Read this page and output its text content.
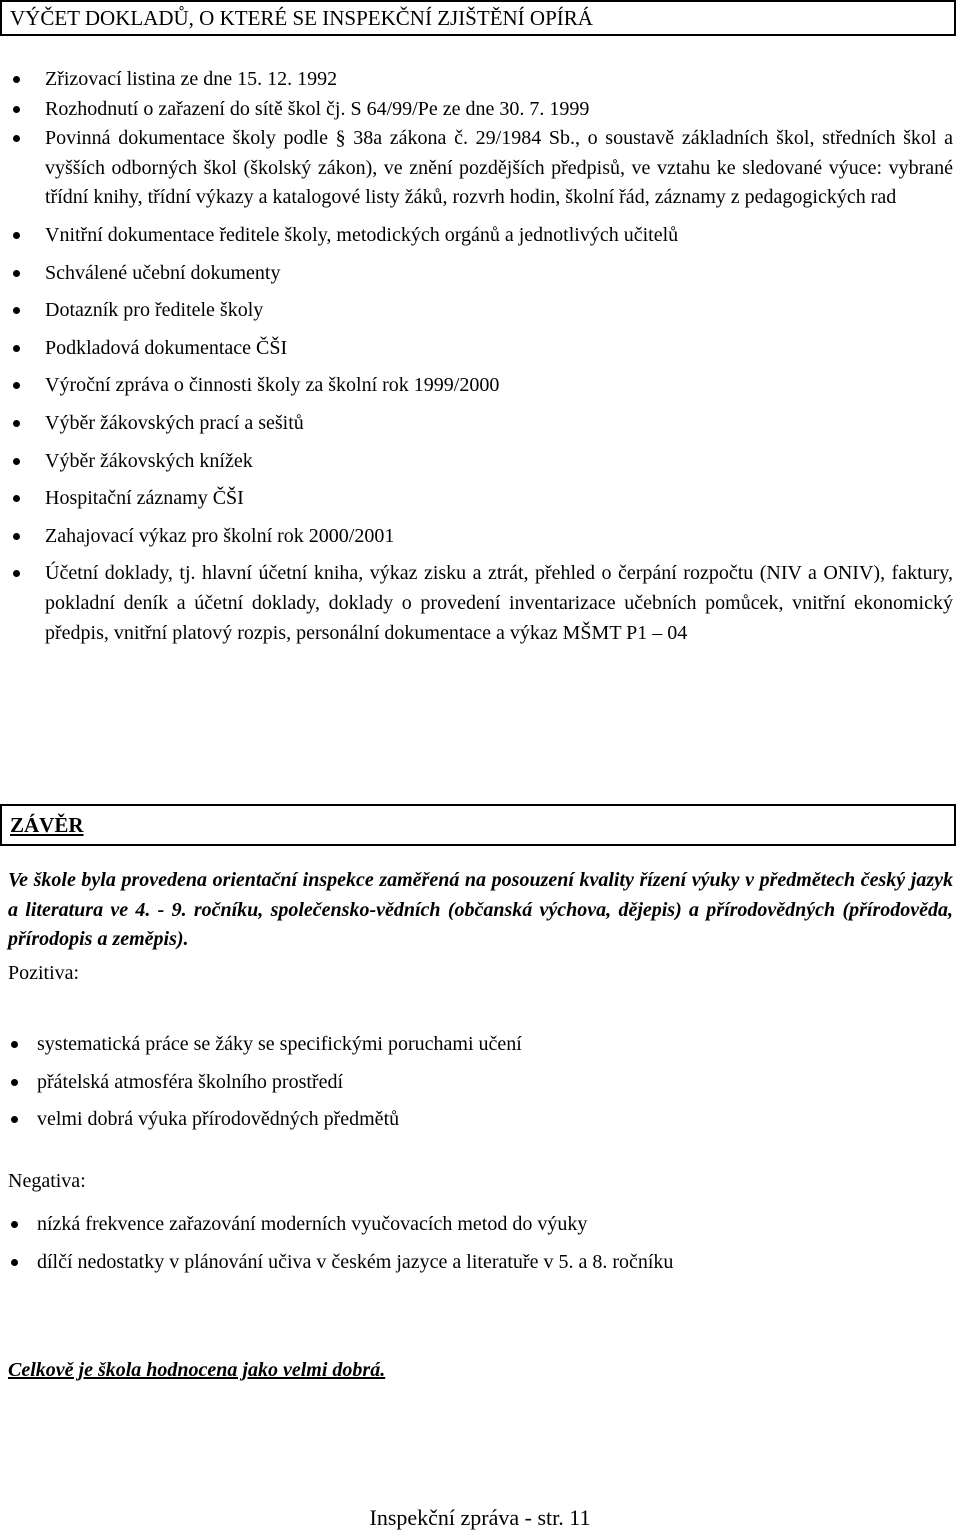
VÝČET DOKLADŮ, O KTERÉ SE INSPEKČNÍ ZJIŠTĚNÍ OPÍRÁ
Zřizovací listina ze dne 15. 12. 1992
Rozhodnutí o zařazení do sítě škol čj. S 64/99/Pe ze dne 30. 7. 1999
Povinná dokumentace školy podle § 38a zákona č. 29/1984 Sb., o soustavě základních škol, středních škol a vyšších odborných škol (školský zákon), ve znění pozdějších předpisů, ve vztahu ke sledované výuce: vybrané třídní knihy, třídní výkazy a katalogové listy žáků, rozvrh hodin, školní řád, záznamy z pedagogických rad
Vnitřní dokumentace ředitele školy, metodických orgánů a jednotlivých učitelů
Schválené učební dokumenty
Dotazník pro ředitele školy
Podkladová dokumentace ČŠI
Výroční zpráva o činnosti školy za školní rok 1999/2000
Výběr žákovských prací a sešitů
Výběr žákovských knížek
Hospitační záznamy ČŠI
Zahajovací výkaz pro školní rok 2000/2001
Účetní doklady, tj. hlavní účetní kniha, výkaz zisku a ztrát, přehled o čerpání rozpočtu (NIV a ONIV), faktury, pokladní deník a účetní doklady, doklady o provedení inventarizace učebních pomůcek, vnitřní ekonomický předpis, vnitřní platový rozpis, personální dokumentace a výkaz MŠMT P1 – 04
ZÁVĚR
Ve škole byla provedena orientační inspekce zaměřená na posouzení kvality řízení výuky v předmětech český jazyk a literatura ve 4. - 9. ročníku, společensko-vědních (občanská výchova, dějepis) a přírodovědných (přírodověda, přírodopis a zeměpis).
Pozitiva:
systematická práce se žáky se specifickými poruchami učení
přátelská atmosféra školního prostředí
velmi dobrá výuka přírodovědných předmětů
Negativa:
nízká frekvence zařazování moderních vyučovacích metod do výuky
dílčí nedostatky v plánování učiva v českém jazyce a literatuře v 5. a 8. ročníku
Celkově je škola hodnocena jako velmi dobrá.
Inspekční zpráva - str. 11
